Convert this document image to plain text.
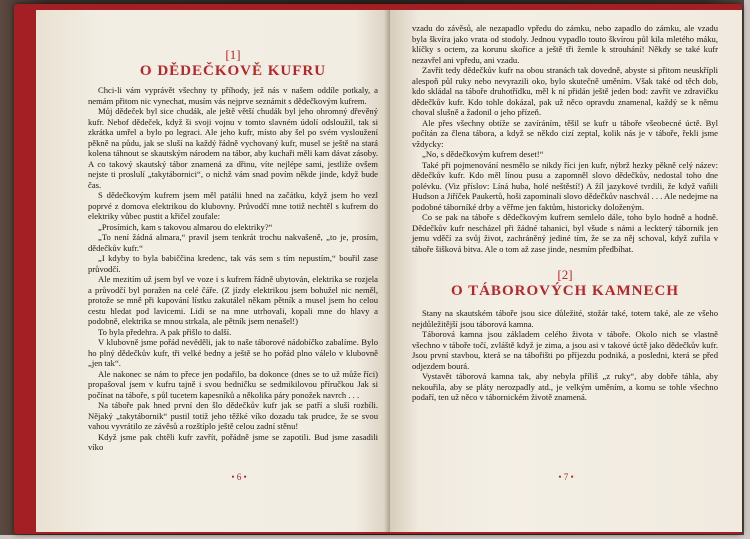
[1]
O DĚDEČKOVĚ KUFRU

Chci-li vám vyprávět všechny ty příhody, jež nás v našem oddíle potkaly, a nemám přitom nic vynechat, musím vás nejprve seznámit s dědečkovým kufrem.

Můj dědeček byl sice chudák, ale ještě větší chudák byl jeho ohromný dřevěný kufr. Nebof dědeček, když ši svoji vojnu v tomto slavném údolí odsloužil, tak si zkrátka umřel a bylo po legraci. Ale jeho kufr, místo aby šel po svém vysloužení pěkně na půdu, jak se sluší na každý řádně vychovaný kufr, musel se ještě na stará kolena táhnout se skautským národem na tábor, aby kuchaři měli kam dávat zásoby. A co takový skautský tábor znamená za dřinu, víte nejlépe sami, jestliže ovšem nejste ti proslulí „takytábornici“, o nichž vám snad povím někde jinde, když bude čas.

S dědečkovým kufrem jsem měl patálii hned na začátku, když jsem ho vezl poprvé z domova elektrikou do klubovny. Průvodčí mne totiž nechtěl s kufrem do elektriky vůbec pustit a křičel zoufale:

„Prosímich, kam s takovou almarou do elektriky?“

„To není žádná almara,“ pravil jsem tenkrát trochu nakvašeně, „to je, prosím, dědečkův kufr.“

„I kdyby to byla babiččina kredenc, tak vás sem s tím nepustím,“ bouřil zase průvodčí.

Ale mezitím už jsem byl ve voze i s kufrem řádně ubytován, elektrika se rozjela a průvodčí byl poražen na celé čáře. (Z jízdy elektrikou jsem bohužel nic neměl, protože se mně při kupování lístku zakutálel někam pětník a musel jsem ho celou cestu hledat pod lavicemi. Lidi se na mne utrhovali, kopali mne do hlavy a podobně, elektrika se mnou strkala, ale pětník jsem nenašel!)

To byla předehra. A pak přišlo to další.

V klubovně jsme pořád nevěděli, jak to naše táborové nádobíčko zabalíme. Bylo ho plný dědečkův kufr, tři velké bedny a ještě se ho pořád plno válelo v klubovně „jen tak“.

Ale nakonec se nám to přece jen podařilo, ba dokonce (dnes se to už může říci) propašoval jsem v kufru tajně i svou bedničku se sedmikilovou příručkou Jak si počínat na táboře, s půl tucetem kapesníků a několika páry ponožek navrch . . .

Na táboře pak hned první den šlo dědečkův kufr jak se patří a sluší rozbíli. Nějaký „takytábornik“ pustil totiž jeho těžké víko dozadu tak prudce, že se svou vahou vyvrátilo ze závěsů a rozštíplo ještě celou zadní stěnu!

Když jsme pak chtěli kufr zavřít, pořádně jsme se zapotili. Bud jsme zasadili víko

• 6 •

vzadu do závěsů, ale nezapadlo vpředu do zámku, nebo zapadlo do zámku, ale vzadu byla škvíra jako vrata od stodoly. Jednou vypadlo touto škvírou půl kila mletého máku, klíčky s octem, za korunu skořice a ještě tři žemle k strouhání! Někdy se také kufr nezavřel ani vpředu, ani vzadu.

Zavřít tedy dědečkův kufr na obou stranách tak dovedně, abyste si přitom neuskřípli alespoň půl ruky nebo nevyrazili oko, bylo skutečně uměním. Však také od těch dob, kdo skládal na táboře druhotřídku, měl k ní přidán ještě jeden bod: zavřít ve zdravičku dědečkův kufr. Kdo tohle dokázal, pak už něco opravdu znamenal, každý se k němu choval slušně a žadonil o jeho přízeň.

Ale přes všechny obtíže se zavíráním, těšil se kufr u táboře všeobecné úctě. Byl počítán za člena tábora, a když se někdo cizí zeptal, kolik nás je v táboře, řekli jsme vždycky:

„No, s dědečkovým kufrem deset!“

Také při pojmenování nesmělo se nikdy říci jen kufr, nýbrž hezky pěkně celý název: dědečkův kufr. Kdo měl línou pusu a zapomněl slovo dědečkův, nedostal toho dne polévku. (Viz příslov: Líná huba, holé neštěstí!) A žíl jazykové tvrdili, že když vaňili Hudson a Jiříček Paukertů, hoši zapominali slovo dědečkův naschvál . . . Ale nedejme na podobné táborníké drby a věřme jen faktům, historicky doloženým.

Co se pak na táboře s dědečkovým kufrem semlelo dále, toho bylo hodně a hodně. Dědečkův kufr nescházel při žádné tahanici, byl všude s námi a leckterý tábornik jen jemu vděčí za svůj život, zachráněný jediné tím, že se za něj schoval, když zuřila v táboře šišková bitva. Ale o tom až zase jinde, nesmím předbíhat.

[2]
O TÁBOROVÝCH KAMNECH

Stany na skautském táboře jsou sice důležité, stožár také, totem také, ale ze všeho nejdůležitější jsou táborová kamna.

Táborová kamna jsou základem celého života v táboře. Okolo nich se vlastně všechno v táboře točí, zvláště když je zima, a jsou asi v takové úctě jako dědečkův kufr. Jsou první stavbou, která se na tábořišti po příjezdu podniká, a posledni, která se před odjezdem bourá.

Vystavět táborová kamna tak, aby nebyla příliš „z ruky“, aby dobře táhla, aby nekouřila, aby se pláty nerozpadly atd., je velkým uměním, a komu se tohle všechno podaří, ten už něco v tábornickém životě znamená.

• 7 •
